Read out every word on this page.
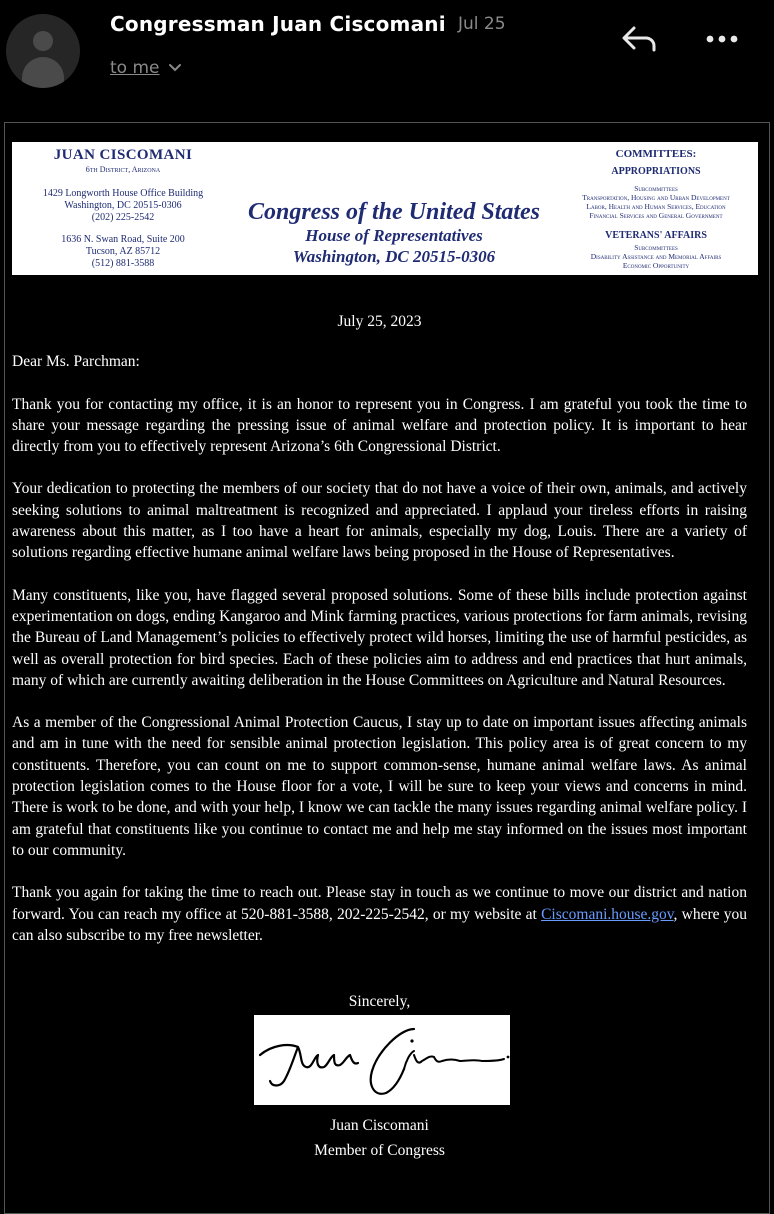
Congressman Juan Ciscomani Jul 25
to me
JUAN CISCOMANI
6th District, Arizona
1429 Longworth House Office Building
Washington, DC 20515-0306
(202) 225-2542
1636 N. Swan Road, Suite 200
Tucson, AZ 85712
(512) 881-3588
Congress of the United States
House of Representatives
Washington, DC 20515-0306
COMMITTEES:
APPROPRIATIONS
Subcommittees
Transportation, Housing and Urban Development
Labor, Health and Human Services, Education
Financial Services and General Government
VETERANS' AFFAIRS
Subcommittees
Disability Assistance and Memorial Affairs
Economic Opportunity
July 25, 2023
Dear Ms. Parchman:
Thank you for contacting my office, it is an honor to represent you in Congress. I am grateful you took the time to share your message regarding the pressing issue of animal welfare and protection policy. It is important to hear directly from you to effectively represent Arizona’s 6th Congressional District.
Your dedication to protecting the members of our society that do not have a voice of their own, animals, and actively seeking solutions to animal maltreatment is recognized and appreciated. I applaud your tireless efforts in raising awareness about this matter, as I too have a heart for animals, especially my dog, Louis. There are a variety of solutions regarding effective humane animal welfare laws being proposed in the House of Representatives.
Many constituents, like you, have flagged several proposed solutions. Some of these bills include protection against experimentation on dogs, ending Kangaroo and Mink farming practices, various protections for farm animals, revising the Bureau of Land Management’s policies to effectively protect wild horses, limiting the use of harmful pesticides, as well as overall protection for bird species. Each of these policies aim to address and end practices that hurt animals, many of which are currently awaiting deliberation in the House Committees on Agriculture and Natural Resources.
As a member of the Congressional Animal Protection Caucus, I stay up to date on important issues affecting animals and am in tune with the need for sensible animal protection legislation. This policy area is of great concern to my constituents. Therefore, you can count on me to support common-sense, humane animal welfare laws. As animal protection legislation comes to the House floor for a vote, I will be sure to keep your views and concerns in mind. There is work to be done, and with your help, I know we can tackle the many issues regarding animal welfare policy. I am grateful that constituents like you continue to contact me and help me stay informed on the issues most important to our community.
Thank you again for taking the time to reach out. Please stay in touch as we continue to move our district and nation forward. You can reach my office at 520-881-3588, 202-225-2542, or my website at Ciscomani.house.gov, where you can also subscribe to my free newsletter.
Sincerely,
Juan Ciscomani
Member of Congress
